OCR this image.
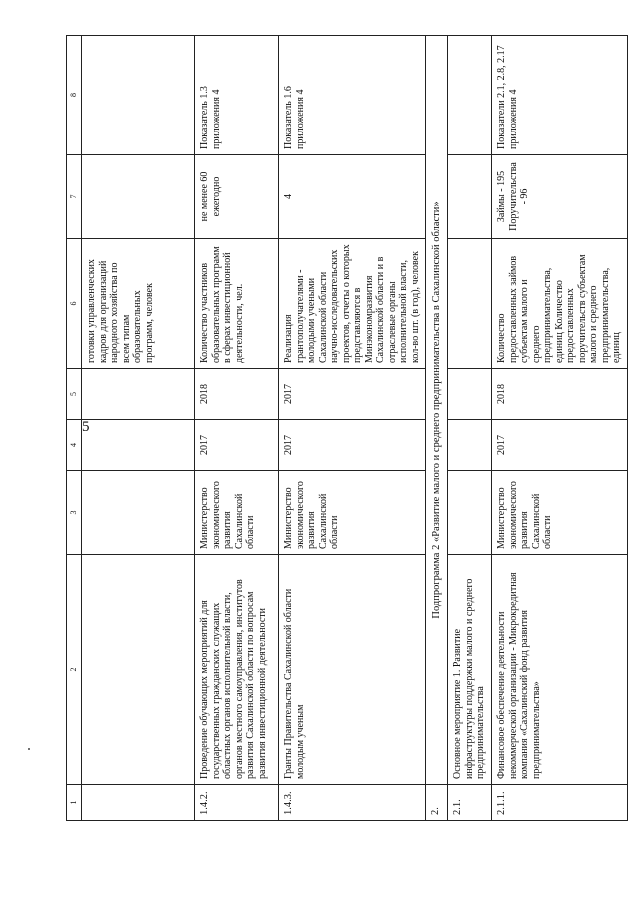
5
1	2	3	4	5	6	7	8
					готовки управленческих кадров для организаций народного хозяйства по всем типам образовательных программ, человек		
1.4.2.	Проведение обучающих мероприятий для государственных гражданских служащих областных органов исполнительной власти, органов местного самоуправления, институтов развития Сахалинской области по вопросам развития инвестиционной деятельности	Министерство экономического развития Сахалинской области	2017	2018	Количество участников образовательных программ в сферах инвестиционной деятельности, чел.	не менее 60 ежегодно	Показатель 1.3 приложения 4
1.4.3.	Гранты Правительства Сахалинской области молодым ученым	Министерство экономического развития Сахалинской области	2017	2017	Реализация грантополучателями - молодыми учеными Сахалинской области научно-исследовательских проектов, отчеты о которых представляются в Минэкономразвития Сахалинской области и в отраслевые органы исполнительной власти, кол-во шт. (в год), человек	4	Показатель 1.6 приложения 4
2.	Подпрограмма 2 «Развитие малого и среднего предпринимательства в Сахалинской области»						
2.1.	Основное мероприятие 1. Развитие инфраструктуры поддержки малого и среднего предпринимательства						
2.1.1.	Финансовое обеспечение деятельности некоммерческой организации - Микрокредитная компания «Сахалинский фонд развития предпринимательства»	Министерство экономического развития Сахалинской области	2017	2018	Количество предоставленных займов субъектам малого и среднего предпринимательства, единиц Количество предоставленных поручительств субъектам малого и среднего предпринимательства, единиц	Займы - 195 Поручительства - 96	Показатели 2.1, 2.8, 2.17 приложения 4
